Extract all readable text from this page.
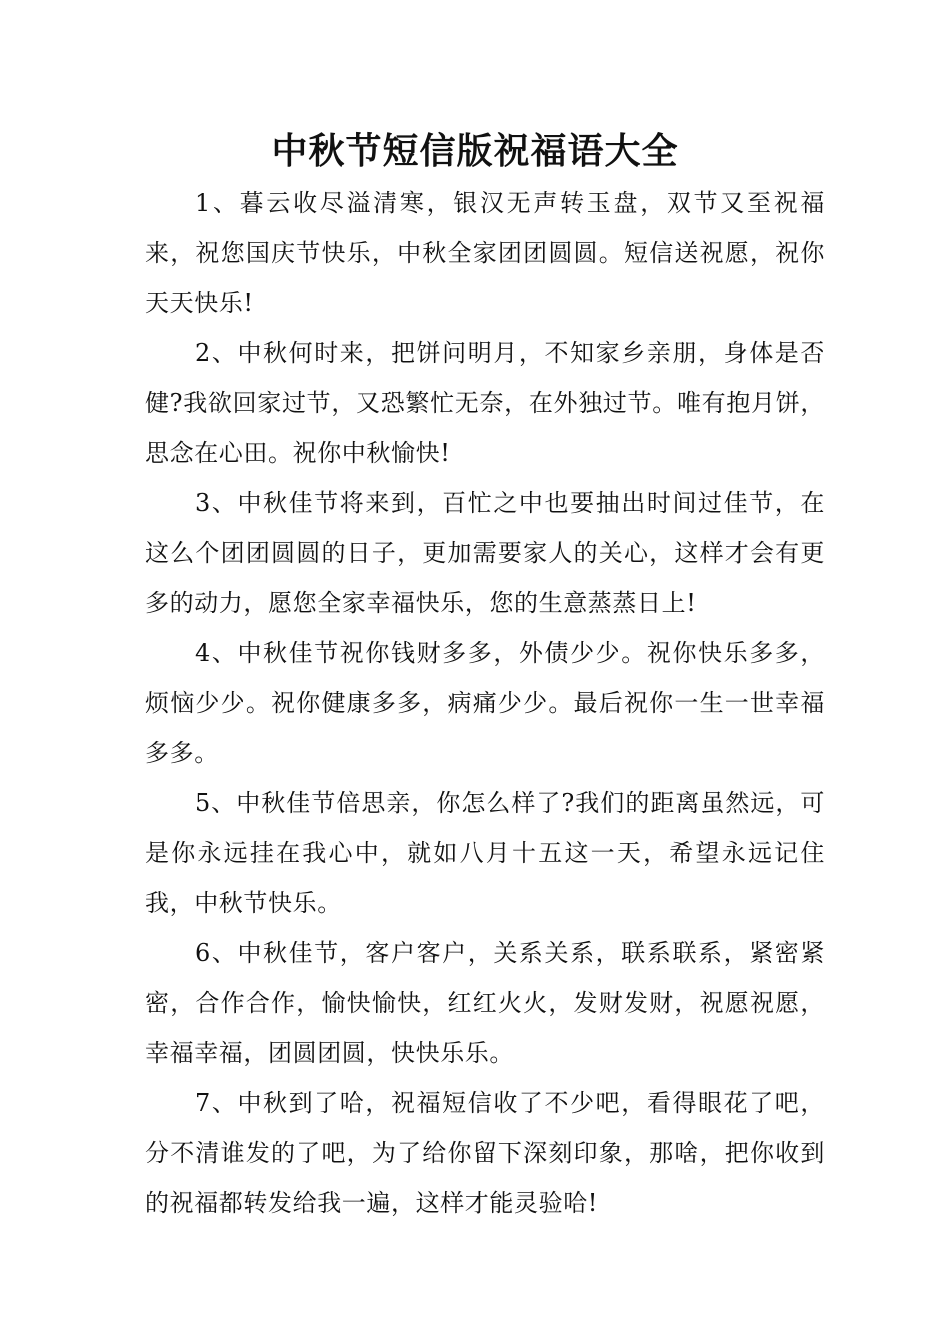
中秋节短信版祝福语大全

1、暮云收尽溢清寒，银汉无声转玉盘，双节又至祝福来，祝您国庆节快乐，中秋全家团团圆圆。短信送祝愿，祝你天天快乐!

2、中秋何时来，把饼问明月，不知家乡亲朋，身体是否健?我欲回家过节，又恐繁忙无奈，在外独过节。唯有抱月饼，思念在心田。祝你中秋愉快!

3、中秋佳节将来到，百忙之中也要抽出时间过佳节，在这么个团团圆圆的日子，更加需要家人的关心，这样才会有更多的动力，愿您全家幸福快乐，您的生意蒸蒸日上!

4、中秋佳节祝你钱财多多，外债少少。祝你快乐多多，烦恼少少。祝你健康多多，病痛少少。最后祝你一生一世幸福多多。

5、中秋佳节倍思亲，你怎么样了?我们的距离虽然远，可是你永远挂在我心中，就如八月十五这一天，希望永远记住我，中秋节快乐。

6、中秋佳节，客户客户，关系关系，联系联系，紧密紧密，合作合作，愉快愉快，红红火火，发财发财，祝愿祝愿，幸福幸福，团圆团圆，快快乐乐。

7、中秋到了哈，祝福短信收了不少吧，看得眼花了吧，分不清谁发的了吧，为了给你留下深刻印象，那啥，把你收到的祝福都转发给我一遍，这样才能灵验哈!
